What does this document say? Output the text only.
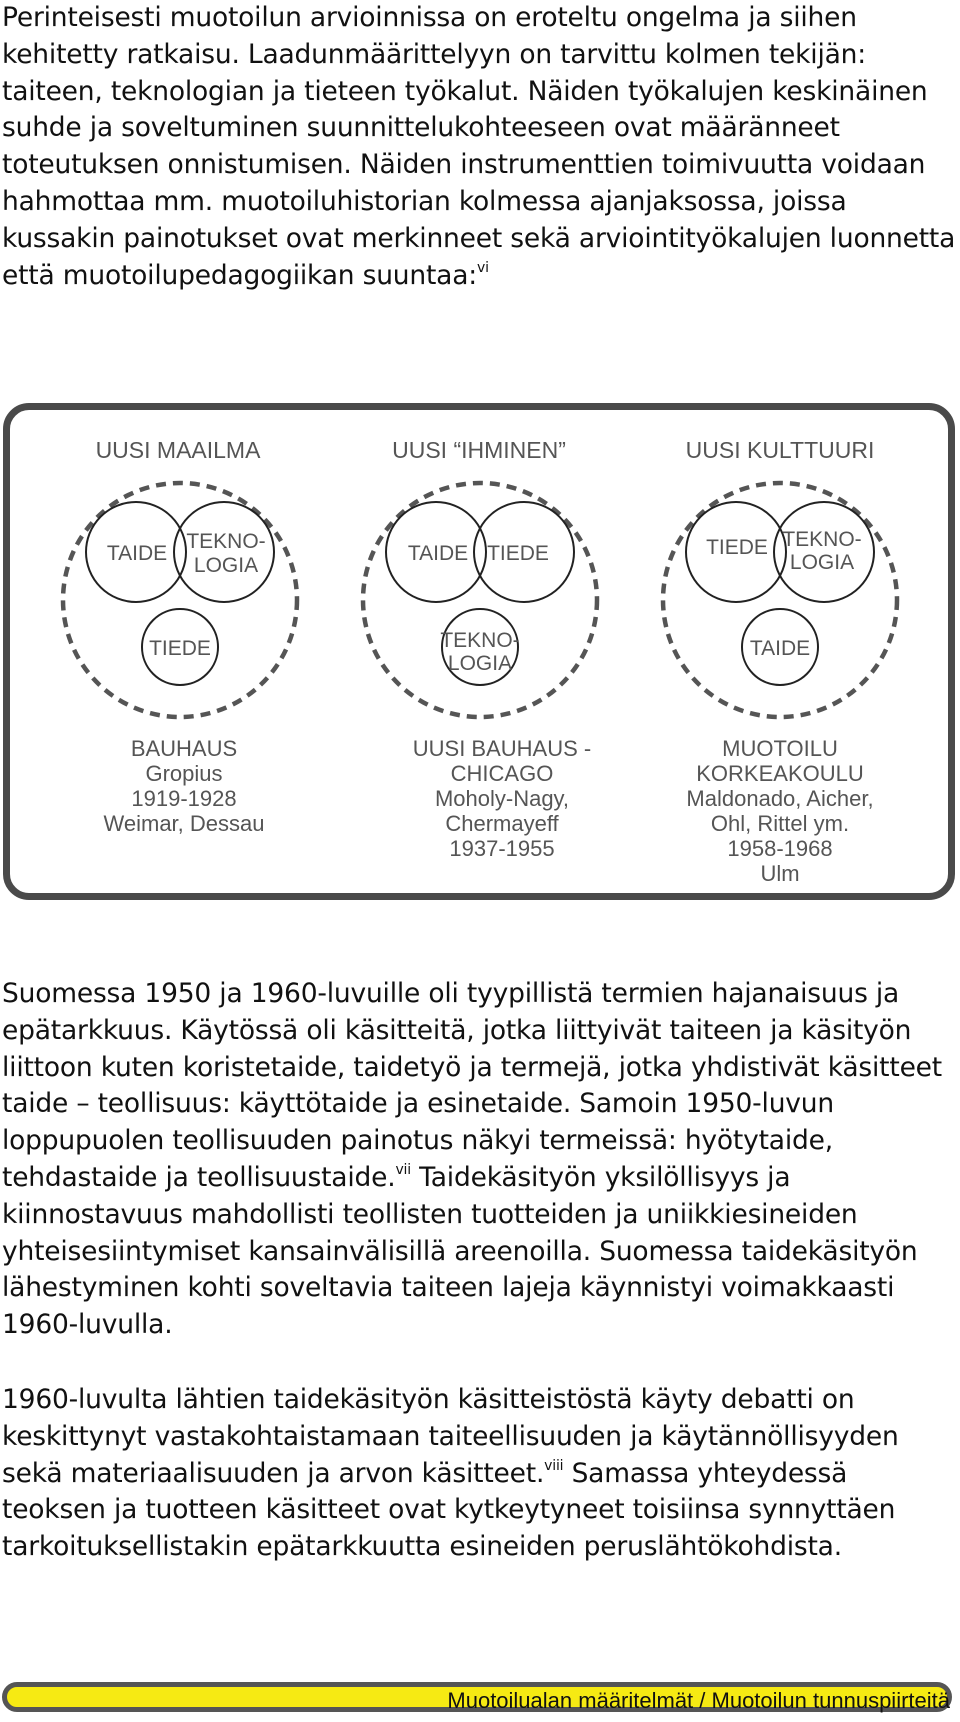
Perinteisesti muotoilun arvioinnissa on eroteltu ongelma ja siihen kehitetty ratkaisu. Laadunmäärittelyyn on tarvittu kolmen tekijän: taiteen, teknologian ja tieteen työkalut. Näiden työkalujen keskinäinen suhde ja soveltuminen suunnittelukohteeseen ovat määränneet toteutuksen onnistumisen. Näiden instrumenttien toimivuutta voidaan hahmottaa mm. muotoiluhistorian kolmessa ajanjaksossa, joissa kussakin painotukset ovat merkinneet sekä arviointityökalujen luonnetta että muotoilupedagogiikan suuntaa:$^{vi}$

UUSI MAAILMA	UUSI “IHMINEN”	UUSI KULTTUURI
TAIDE
TEKNO-
LOGIA
TIEDE
TAIDE TIEDE
TEKNO-
LOGIA
TIEDE TEKNO-
LOGIA
TAIDE
BAUHAUS
Gropius
1919-1928
Weimar, Dessau
UUSI BAUHAUS -
CHICAGO
Moholy-Nagy,
Chermayeff
1937-1955
MUOTOILU
KORKEAKOULU
Maldonado, Aicher,
Ohl, Rittel ym.
1958-1968
Ulm

Suomessa 1950 ja 1960-luvuille oli tyypillistä termien hajanaisuus ja epätarkkuus. Käytössä oli käsitteitä, jotka liittyivät taiteen ja käsityön liittoon kuten koristetaide, taidetyö ja termejä, jotka yhdistivät käsitteet taide – teollisuus: käyttötaide ja esinetaide. Samoin 1950-luvun loppupuolen teollisuuden painotus näkyi termeissä: hyötytaide, tehdastaide ja teollisuustaide.$^{vii}$ Taidekäsityön yksilöllisyys ja kiinnostavuus mahdollisti teollisten tuotteiden ja uniikkiesineiden yhteisesiintymiset kansainvälisillä areenoilla. Suomessa taidekäsityön lähestyminen kohti soveltavia taiteen lajeja käynnistyi voimakkaasti 1960-luvulla.

1960-luvulta lähtien taidekäsityön käsitteistöstä käyty debatti on keskittynyt vastakohtaistamaan taiteellisuuden ja käytännöllisyyden sekä materiaalisuuden ja arvon käsitteet.$^{viii}$ Samassa yhteydessä teoksen ja tuotteen käsitteet ovat kytkeytyneet toisiinsa synnyttäen tarkoituksellistakin epätarkkuutta esineiden peruslähtökohdista.

Muotoilualan määritelmät / Muotoilun tunnuspiirteitä
